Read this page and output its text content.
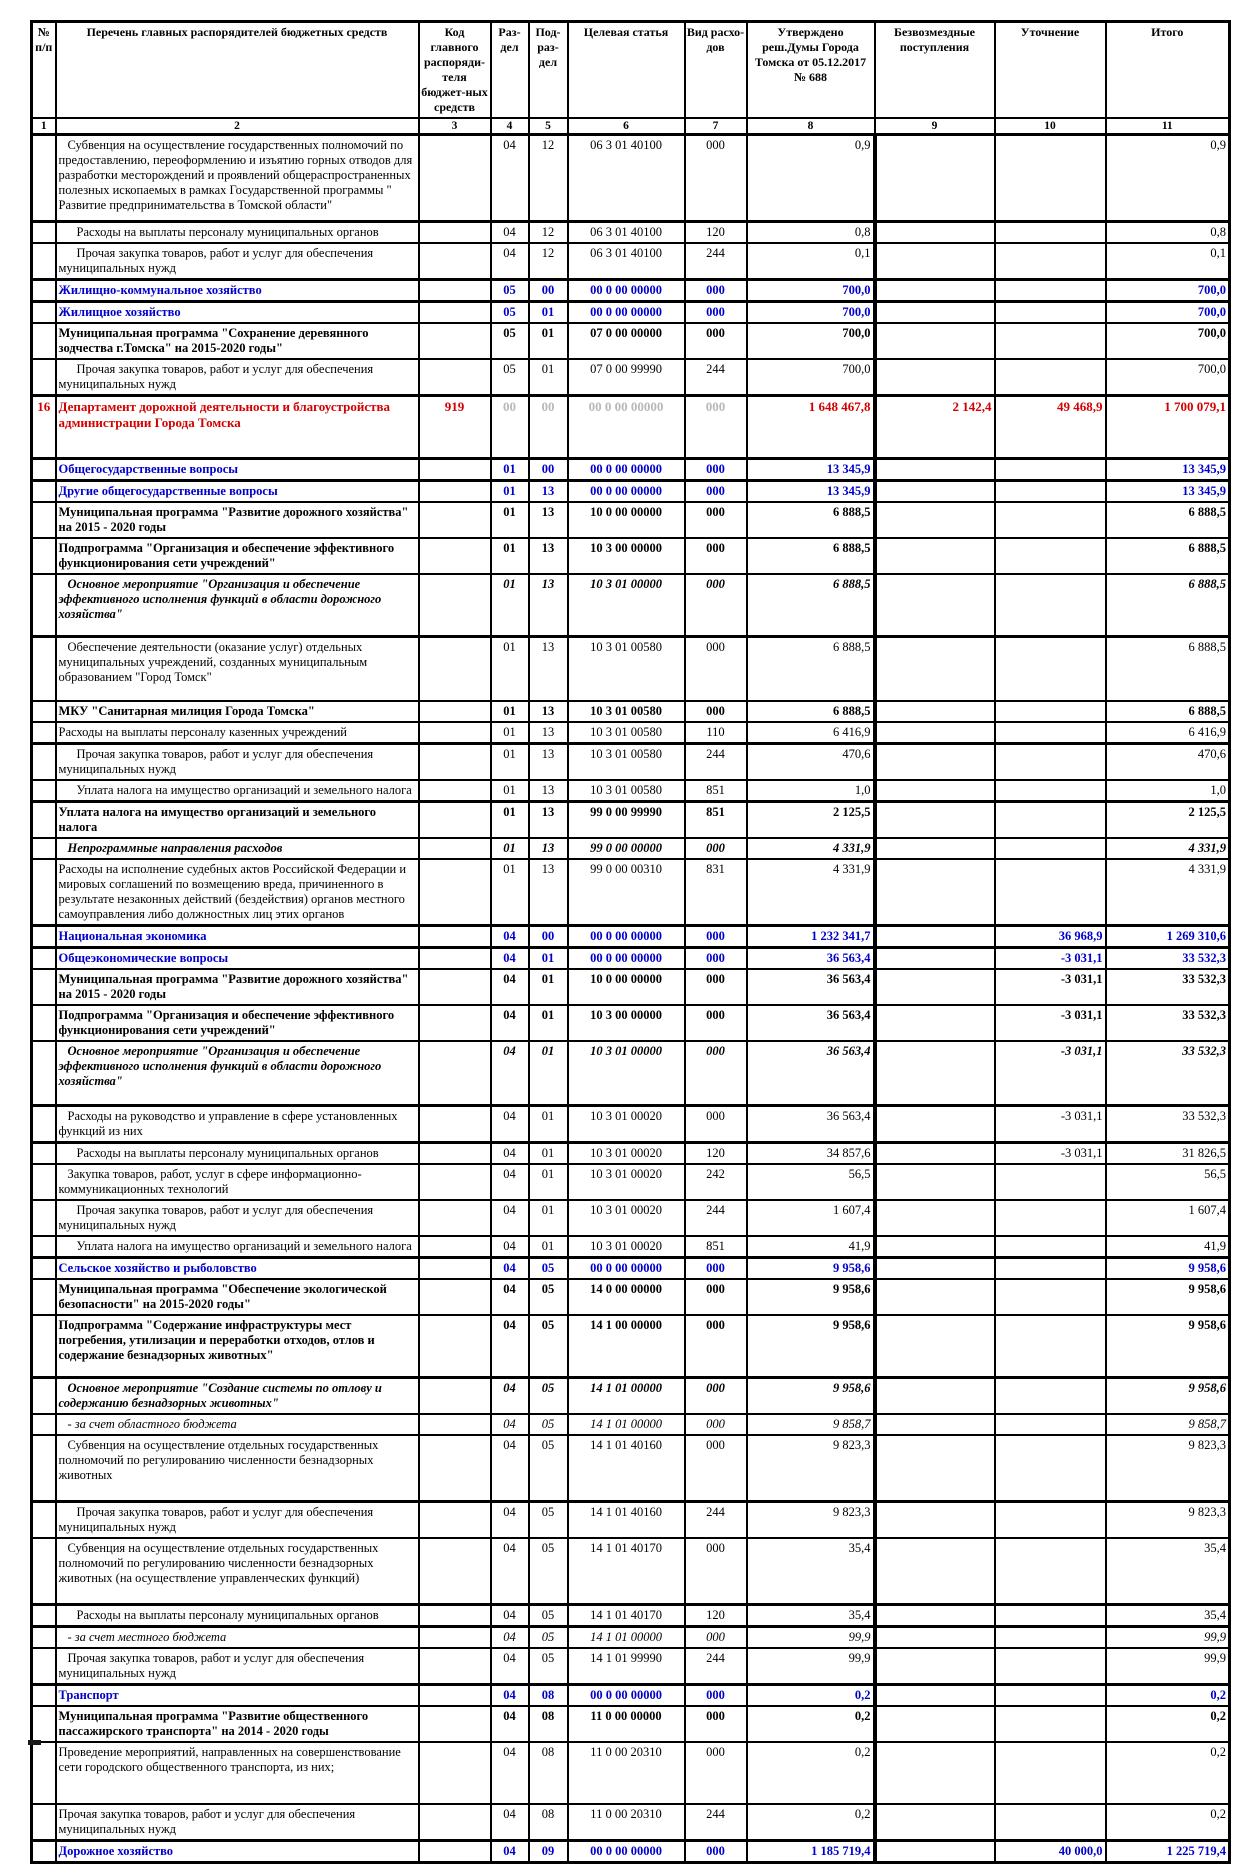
№ п/п	Перечень главных распорядителей бюджетных средств	Код главного распоряди-теля бюджет-ных средств	Раз-дел	Под-раз-дел	Целевая статья	Вид расхо-дов	Утверждено реш.Думы Города Томска от 05.12.2017 № 688	Безвозмездные поступления	Уточнение	Итого
1	2	3	4	5	6	7	8	9	10	11
	Субвенция на осуществление государственных полномочий по предоставлению, переоформлению и изъятию горных отводов для разработки месторождений и проявлений общераспространенных полезных ископаемых в рамках Государственной программы " Развитие предпринимательства в Томской области"		04	12	06 3 01 40100	000	0,9			0,9
	Расходы на выплаты персоналу муниципальных органов		04	12	06 3 01 40100	120	0,8			0,8
	Прочая закупка товаров, работ и услуг для обеспечения муниципальных нужд		04	12	06 3 01 40100	244	0,1			0,1
	Жилищно-коммунальное хозяйство		05	00	00 0 00 00000	000	700,0			700,0
	Жилищное хозяйство		05	01	00 0 00 00000	000	700,0			700,0
	Муниципальная программа "Сохранение деревянного зодчества г.Томска" на 2015-2020 годы"		05	01	07 0 00 00000	000	700,0			700,0
	Прочая закупка товаров, работ и услуг для обеспечения муниципальных нужд		05	01	07 0 00 99990	244	700,0			700,0
16	Департамент дорожной деятельности и благоустройства администрации Города Томска	919	00	00	00 0 00 00000	000	1 648 467,8	2 142,4	49 468,9	1 700 079,1
	Общегосударственные вопросы		01	00	00 0 00 00000	000	13 345,9			13 345,9
	Другие общегосударственные вопросы		01	13	00 0 00 00000	000	13 345,9			13 345,9
	Муниципальная программа "Развитие дорожного хозяйства" на 2015 - 2020 годы		01	13	10 0 00 00000	000	6 888,5			6 888,5
	Подпрограмма "Организация и обеспечение эффективного функционирования сети учреждений"		01	13	10 3 00 00000	000	6 888,5			6 888,5
	Основное мероприятие "Организация и обеспечение эффективного исполнения функций в области дорожного хозяйства"		01	13	10 3 01 00000	000	6 888,5			6 888,5
	Обеспечение деятельности (оказание услуг) отдельных муниципальных учреждений, созданных муниципальным образованием "Город Томск"		01	13	10 3 01 00580	000	6 888,5			6 888,5
	МКУ "Санитарная милиция Города Томска"		01	13	10 3 01 00580	000	6 888,5			6 888,5
	Расходы на выплаты персоналу казенных учреждений		01	13	10 3 01 00580	110	6 416,9			6 416,9
	Прочая закупка товаров, работ и услуг для обеспечения муниципальных нужд		01	13	10 3 01 00580	244	470,6			470,6
	Уплата налога на имущество организаций и земельного налога		01	13	10 3 01 00580	851	1,0			1,0
	Уплата налога на имущество организаций и земельного налога		01	13	99 0 00 99990	851	2 125,5			2 125,5
	Непрограммные направления расходов		01	13	99 0 00 00000	000	4 331,9			4 331,9
	Расходы на исполнение судебных актов Российской Федерации и мировых соглашений по возмещению вреда, причиненного в результате незаконных действий (бездействия) органов местного самоуправления либо должностных лиц этих органов		01	13	99 0 00 00310	831	4 331,9			4 331,9
	Национальная экономика		04	00	00 0 00 00000	000	1 232 341,7		36 968,9	1 269 310,6
	Общеэкономические вопросы		04	01	00 0 00 00000	000	36 563,4		-3 031,1	33 532,3
	Муниципальная программа "Развитие дорожного хозяйства" на 2015 - 2020 годы		04	01	10 0 00 00000	000	36 563,4		-3 031,1	33 532,3
	Подпрограмма "Организация и обеспечение эффективного функционирования сети учреждений"		04	01	10 3 00 00000	000	36 563,4		-3 031,1	33 532,3
	Основное мероприятие "Организация и обеспечение эффективного исполнения функций в области дорожного хозяйства"		04	01	10 3 01 00000	000	36 563,4		-3 031,1	33 532,3
	Расходы на руководство и управление в сфере установленных функций из них		04	01	10 3 01 00020	000	36 563,4		-3 031,1	33 532,3
	Расходы на выплаты персоналу муниципальных органов		04	01	10 3 01 00020	120	34 857,6		-3 031,1	31 826,5
	Закупка товаров, работ, услуг в сфере информационно-коммуникационных технологий		04	01	10 3 01 00020	242	56,5			56,5
	Прочая закупка товаров, работ и услуг для обеспечения муниципальных нужд		04	01	10 3 01 00020	244	1 607,4			1 607,4
	Уплата налога на имущество организаций и земельного налога		04	01	10 3 01 00020	851	41,9			41,9
	Сельское хозяйство и рыболовство		04	05	00 0 00 00000	000	9 958,6			9 958,6
	Муниципальная программа "Обеспечение экологической безопасности" на 2015-2020 годы"		04	05	14 0 00 00000	000	9 958,6			9 958,6
	Подпрограмма "Содержание инфраструктуры мест погребения, утилизации и переработки отходов, отлов и содержание безнадзорных животных"		04	05	14 1 00 00000	000	9 958,6			9 958,6
	Основное мероприятие "Создание системы по отлову и содержанию безнадзорных животных"		04	05	14 1 01 00000	000	9 958,6			9 958,6
	- за счет областного бюджета		04	05	14 1 01 00000	000	9 858,7			9 858,7
	Субвенция на осуществление отдельных государственных полномочий по регулированию численности безнадзорных животных		04	05	14 1 01 40160	000	9 823,3			9 823,3
	Прочая закупка товаров, работ и услуг для обеспечения муниципальных нужд		04	05	14 1 01 40160	244	9 823,3			9 823,3
	Субвенция на осуществление отдельных государственных полномочий по регулированию численности безнадзорных животных (на осуществление управленческих функций)		04	05	14 1 01 40170	000	35,4			35,4
	Расходы на выплаты персоналу муниципальных органов		04	05	14 1 01 40170	120	35,4			35,4
	- за счет местного бюджета		04	05	14 1 01 00000	000	99,9			99,9
	Прочая закупка товаров, работ и услуг для обеспечения муниципальных нужд		04	05	14 1 01 99990	244	99,9			99,9
	Транспорт		04	08	00 0 00 00000	000	0,2			0,2
	Муниципальная программа "Развитие общественного пассажирского транспорта" на 2014 - 2020 годы		04	08	11 0 00 00000	000	0,2			0,2
	Проведение мероприятий, направленных на совершенствование сети городского общественного транспорта, из них;		04	08	11 0 00 20310	000	0,2			0,2
	Прочая закупка товаров, работ и услуг для обеспечения муниципальных нужд		04	08	11 0 00 20310	244	0,2			0,2
	Дорожное хозяйство		04	09	00 0 00 00000	000	1 185 719,4		40 000,0	1 225 719,4
